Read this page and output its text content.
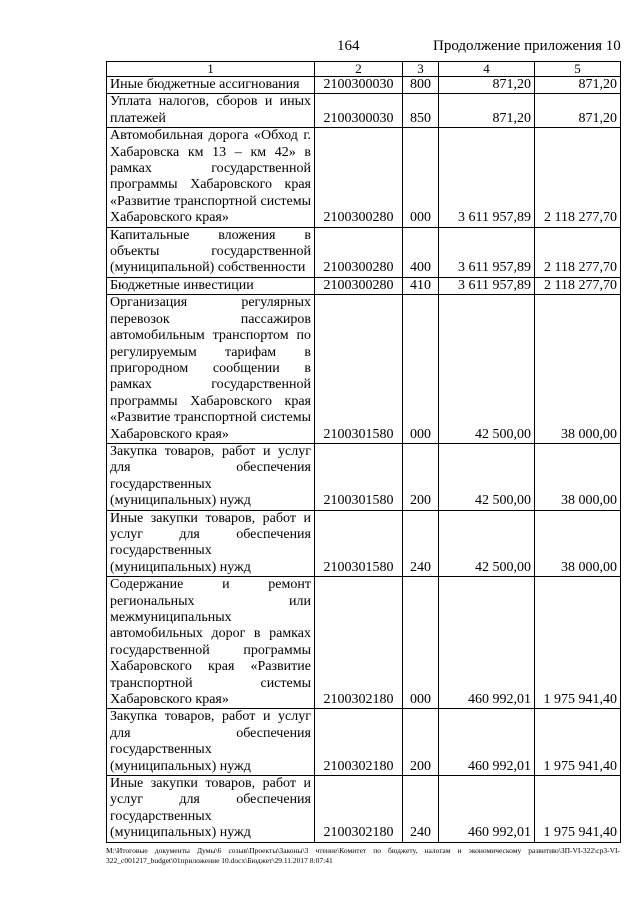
164	Продолжение приложения 10
1	2	3	4	5
Иные бюджетные ассигнования	2100300030	800	871,20	871,20
Уплата налогов, сборов и иных платежей	2100300030	850	871,20	871,20
Автомобильная дорога «Обход г. Хабаровска км 13 – км 42» в рамках государственной программы Хабаровского края «Развитие транспортной системы Хабаровского края»	2100300280	000	3 611 957,89	2 118 277,70
Капитальные вложения в объекты государственной (муниципальной) собственности	2100300280	400	3 611 957,89	2 118 277,70
Бюджетные инвестиции	2100300280	410	3 611 957,89	2 118 277,70
Организация регулярных перевозок пассажиров автомобильным транспортом по регулируемым тарифам в пригородном сообщении в рамках государственной программы Хабаровского края «Развитие транспортной системы Хабаровского края»	2100301580	000	42 500,00	38 000,00
Закупка товаров, работ и услуг для обеспечения государственных (муниципальных) нужд	2100301580	200	42 500,00	38 000,00
Иные закупки товаров, работ и услуг для обеспечения государственных (муниципальных) нужд	2100301580	240	42 500,00	38 000,00
Содержание и ремонт региональных или межмуниципальных автомобильных дорог в рамках государственной программы Хабаровского края «Развитие транспортной системы Хабаровского края»	2100302180	000	460 992,01	1 975 941,40
Закупка товаров, работ и услуг для обеспечения государственных (муниципальных) нужд	2100302180	200	460 992,01	1 975 941,40
Иные закупки товаров, работ и услуг для обеспечения государственных (муниципальных) нужд	2100302180	240	460 992,01	1 975 941,40
M:\Итоговые документы Думы\6 созыв\Проекты\Законы\3 чтение\Комитет по бюджету, налогам и экономическому развитию\ЗП-VI-322\ср3-VI-322_с001217_budget\01приложение 10.docx\Бюджет\29.11.2017 8:07:41
